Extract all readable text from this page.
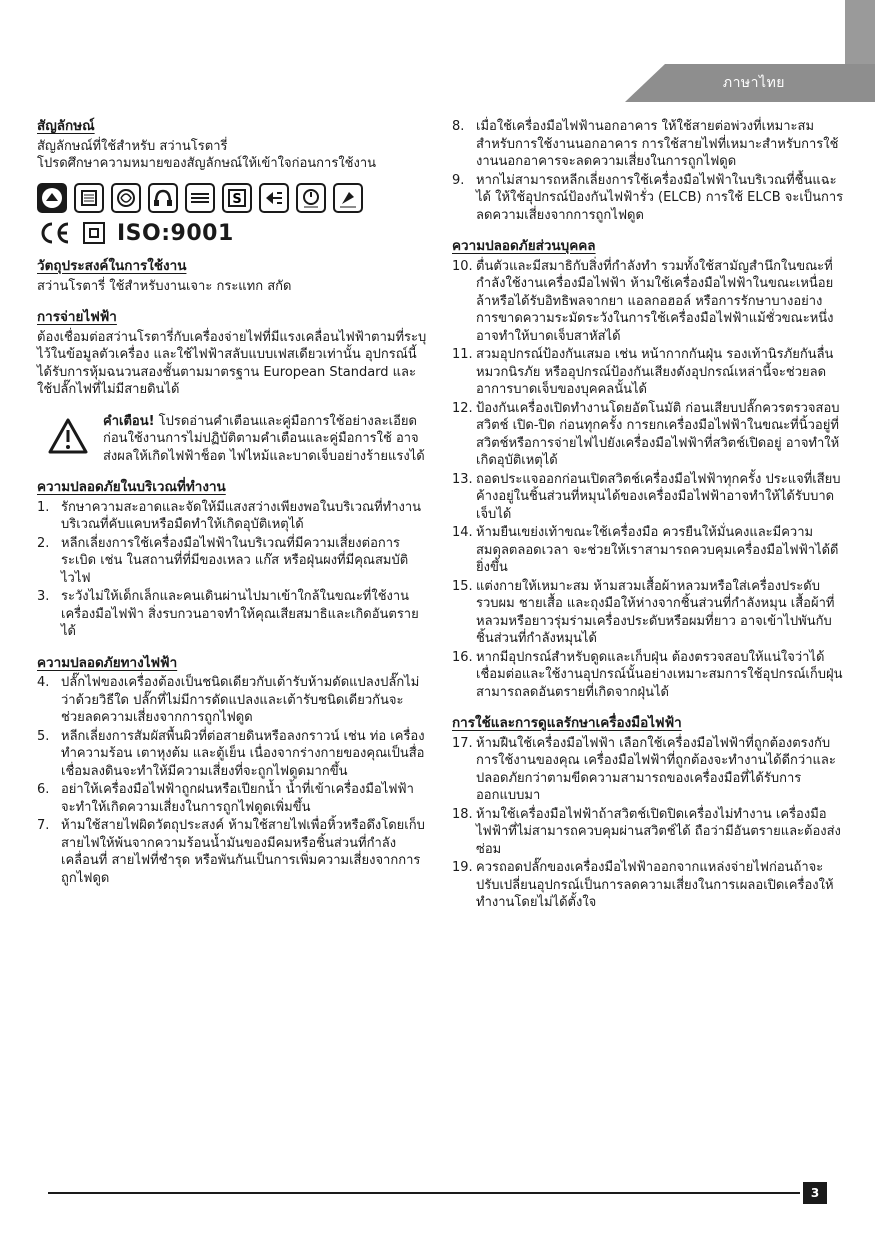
ภาษาไทย
สัญลักษณ์
สัญลักษณ์ที่ใช้สำหรับ สว่านโรตารี่
โปรดศึกษาความหมายของสัญลักษณ์ให้เข้าใจก่อนการใช้งาน
S
ISO:9001
วัตถุประสงค์ในการใช้งาน
สว่านโรตารี่ ใช้สำหรับงานเจาะ กระแทก สกัด
การจ่ายไฟฟ้า
ต้องเชื่อมต่อสว่านโรตารี่กับเครื่องจ่ายไฟที่มีแรงเคลื่อนไฟฟ้าตามที่ระบุไว้ในข้อมูลตัวเครื่อง และใช้ไฟฟ้าสลับแบบเฟสเดียวเท่านั้น อุปกรณ์นี้ได้รับการหุ้มฉนวนสองชั้นตามมาตรฐาน European Standard และใช้ปลั๊กไฟที่ไม่มีสายดินได้
คำเตือน! โปรดอ่านคำเตือนและคู่มือการใช้อย่างละเอียดก่อนใช้งานการไม่ปฏิบัติตามคำเตือนและคู่มือการใช้ อาจส่งผลให้เกิดไฟฟ้าช็อต ไฟไหม้และบาดเจ็บอย่างร้ายแรงได้
ความปลอดภัยในบริเวณที่ทำงาน
1. รักษาความสะอาดและจัดให้มีแสงสว่างเพียงพอในบริเวณที่ทำงาน บริเวณที่คับแคบหรือมืดทำให้เกิดอุบัติเหตุได้
2. หลีกเลี่ยงการใช้เครื่องมือไฟฟ้าในบริเวณที่มีความเสี่ยงต่อการระเบิด เช่น ในสถานที่ที่มีของเหลว แก๊ส หรือฝุ่นผงที่มีคุณสมบัติไวไฟ
3. ระวังไม่ให้เด็กเล็กและคนเดินผ่านไปมาเข้าใกล้ในขณะที่ใช้งานเครื่องมือไฟฟ้า สิ่งรบกวนอาจทำให้คุณเสียสมาธิและเกิดอันตรายได้
ความปลอดภัยทางไฟฟ้า
4. ปลั๊กไฟของเครื่องต้องเป็นชนิดเดียวกับเต้ารับห้ามดัดแปลงปลั๊กไม่ว่าด้วยวิธีใด ปลั๊กที่ไม่มีการดัดแปลงและเต้ารับชนิดเดียวกันจะช่วยลดความเสี่ยงจากการถูกไฟดูด
5. หลีกเลี่ยงการสัมผัสพื้นผิวที่ต่อสายดินหรือลงกราวน์ เช่น ท่อ เครื่องทำความร้อน เตาหุงต้ม และตู้เย็น เนื่องจากร่างกายของคุณเป็นสื่อเชื่อมลงดินจะทำให้มีความเสี่ยงที่จะถูกไฟดูดมากขึ้น
6. อย่าให้เครื่องมือไฟฟ้าถูกฝนหรือเปียกน้ำ น้ำที่เข้าเครื่องมือไฟฟ้าจะทำให้เกิดความเสี่ยงในการถูกไฟดูดเพิ่มขึ้น
7. ห้ามใช้สายไฟผิดวัตถุประสงค์ ห้ามใช้สายไฟเพื่อหิ้วหรือดึงโดยเก็บสายไฟให้พ้นจากความร้อนน้ำมันของมีคมหรือชิ้นส่วนที่กำลังเคลื่อนที่ สายไฟที่ชำรุด หรือพันกันเป็นการเพิ่มความเสี่ยงจากการถูกไฟดูด
8. เมื่อใช้เครื่องมือไฟฟ้านอกอาคาร ให้ใช้สายต่อพ่วงที่เหมาะสม สำหรับการใช้งานนอกอาคาร การใช้สายไฟที่เหมาะสำหรับการใช้งานนอกอาคารจะลดความเสี่ยงในการถูกไฟดูด
9. หากไม่สามารถหลีกเลี่ยงการใช้เครื่องมือไฟฟ้าในบริเวณที่ชื้นแฉะได้ ให้ใช้อุปกรณ์ป้องกันไฟฟ้ารั่ว (ELCB) การใช้ ELCB จะเป็นการลดความเสี่ยงจากการถูกไฟดูด
ความปลอดภัยส่วนบุคคล
10. ตื่นตัวและมีสมาธิกับสิ่งที่กำลังทำ รวมทั้งใช้สามัญสำนึกในขณะที่กำลังใช้งานเครื่องมือไฟฟ้า ห้ามใช้เครื่องมือไฟฟ้าในขณะเหนื่อยล้าหรือได้รับอิทธิพลจากยา แอลกอฮอล์ หรือการรักษาบางอย่าง การขาดความระมัดระวังในการใช้เครื่องมือไฟฟ้าแม้ชั่วขณะหนึ่งอาจทำให้บาดเจ็บสาหัสได้
11. สวมอุปกรณ์ป้องกันเสมอ เช่น หน้ากากกันฝุ่น รองเท้านิรภัยกันลื่น หมวกนิรภัย หรืออุปกรณ์ป้องกันเสียงดังอุปกรณ์เหล่านี้จะช่วยลดอาการบาดเจ็บของบุคคลนั้นได้
12. ป้องกันเครื่องเปิดทำงานโดยอัตโนมัติ ก่อนเสียบปลั๊กควรตรวจสอบสวิตช์ เปิด-ปิด ก่อนทุกครั้ง การยกเครื่องมือไฟฟ้าในขณะที่นิ้วอยู่ที่สวิตช์หรือการจ่ายไฟไปยังเครื่องมือไฟฟ้าที่สวิตช์เปิดอยู่ อาจทำให้เกิดอุบัติเหตุได้
13. ถอดประแจออกก่อนเปิดสวิตช์เครื่องมือไฟฟ้าทุกครั้ง ประแจที่เสียบค้างอยู่ในชิ้นส่วนที่หมุนได้ของเครื่องมือไฟฟ้าอาจทำให้ได้รับบาดเจ็บได้
14. ห้ามยืนเขย่งเท้าขณะใช้เครื่องมือ ควรยืนให้มั่นคงและมีความสมดุลตลอดเวลา จะช่วยให้เราสามารถควบคุมเครื่องมือไฟฟ้าได้ดียิ่งขึ้น
15. แต่งกายให้เหมาะสม ห้ามสวมเสื้อผ้าหลวมหรือใส่เครื่องประดับ รวบผม ชายเสื้อ และถุงมือให้ห่างจากชิ้นส่วนที่กำลังหมุน เสื้อผ้าที่หลวมหรือยาวรุ่มร่ามเครื่องประดับหรือผมที่ยาว อาจเข้าไปพันกับชิ้นส่วนที่กำลังหมุนได้
16. หากมีอุปกรณ์สำหรับดูดและเก็บฝุ่น ต้องตรวจสอบให้แน่ใจว่าได้เชื่อมต่อและใช้งานอุปกรณ์นั้นอย่างเหมาะสมการใช้อุปกรณ์เก็บฝุ่นสามารถลดอันตรายที่เกิดจากฝุ่นได้
การใช้และการดูแลรักษาเครื่องมือไฟฟ้า
17. ห้ามฝืนใช้เครื่องมือไฟฟ้า เลือกใช้เครื่องมือไฟฟ้าที่ถูกต้องตรงกับการใช้งานของคุณ เครื่องมือไฟฟ้าที่ถูกต้องจะทำงานได้ดีกว่าและปลอดภัยกว่าตามขีดความสามารถของเครื่องมือที่ได้รับการออกแบบมา
18. ห้ามใช้เครื่องมือไฟฟ้าถ้าสวิตช์เปิดปิดเครื่องไม่ทำงาน เครื่องมือไฟฟ้าที่ไม่สามารถควบคุมผ่านสวิตช์ได้ ถือว่ามีอันตรายและต้องส่งซ่อม
19. ควรถอดปลั๊กของเครื่องมือไฟฟ้าออกจากแหล่งจ่ายไฟก่อนถ้าจะปรับเปลี่ยนอุปกรณ์เป็นการลดความเสี่ยงในการเผลอเปิดเครื่องให้ทำงานโดยไม่ได้ตั้งใจ
3
